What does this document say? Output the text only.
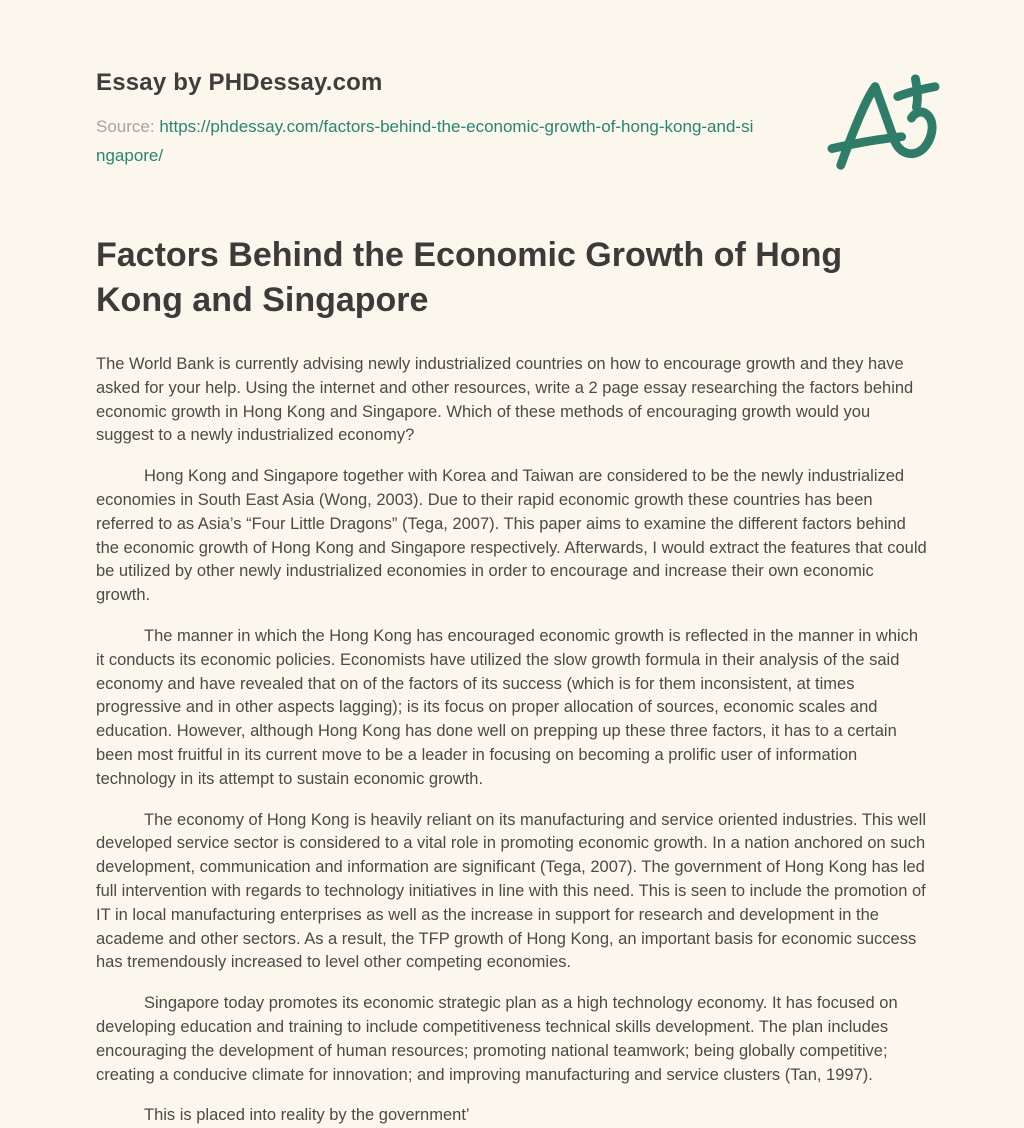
Essay by PHDessay.com
Source: https://phdessay.com/factors-behind-the-economic-growth-of-hong-kong-and-singapore/
Factors Behind the Economic Growth of Hong Kong and Singapore

The World Bank is currently advising newly industrialized countries on how to encourage growth and they have asked for your help. Using the internet and other resources, write a 2 page essay researching the factors behind economic growth in Hong Kong and Singapore. Which of these methods of encouraging growth would you suggest to a newly industrialized economy?

Hong Kong and Singapore together with Korea and Taiwan are considered to be the newly industrialized economies in South East Asia (Wong, 2003). Due to their rapid economic growth these countries has been referred to as Asia’s “Four Little Dragons” (Tega, 2007). This paper aims to examine the different factors behind the economic growth of Hong Kong and Singapore respectively. Afterwards, I would extract the features that could be utilized by other newly industrialized economies in order to encourage and increase their own economic growth.

The manner in which the Hong Kong has encouraged economic growth is reflected in the manner in which it conducts its economic policies. Economists have utilized the slow growth formula in their analysis of the said economy and have revealed that on of the factors of its success (which is for them inconsistent, at times progressive and in other aspects lagging); is its focus on proper allocation of sources, economic scales and education. However, although Hong Kong has done well on prepping up these three factors, it has to a certain been most fruitful in its current move to be a leader in focusing on becoming a prolific user of information technology in its attempt to sustain economic growth.

The economy of Hong Kong is heavily reliant on its manufacturing and service oriented industries. This well developed service sector is considered to a vital role in promoting economic growth. In a nation anchored on such development, communication and information are significant (Tega, 2007). The government of Hong Kong has led full intervention with regards to technology initiatives in line with this need. This is seen to include the promotion of IT in local manufacturing enterprises as well as the increase in support for research and development in the academe and other sectors. As a result, the TFP growth of Hong Kong, an important basis for economic success has tremendously increased to level other competing economies.

Singapore today promotes its economic strategic plan as a high technology economy. It has focused on developing education and training to include competitiveness technical skills development. The plan includes encouraging the development of human resources; promoting national teamwork; being globally competitive; creating a conducive climate for innovation; and improving manufacturing and service clusters (Tan, 1997).

This is placed into reality by the government’
